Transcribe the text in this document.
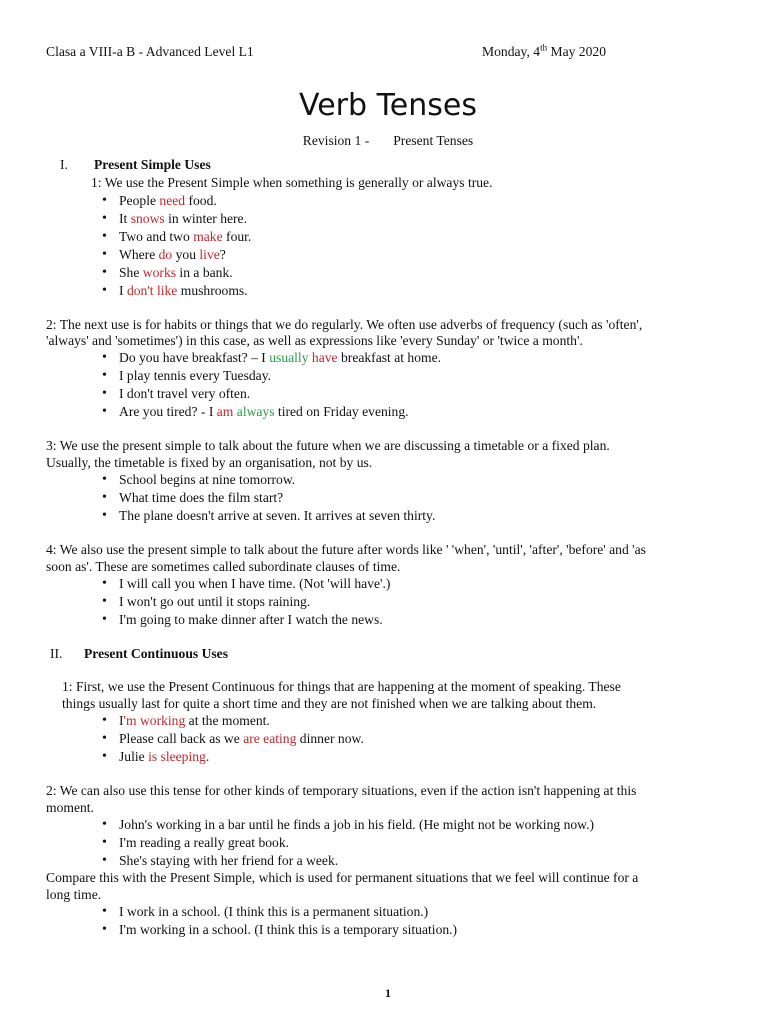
Clasa a VIII-a B - Advanced Level L1	Monday, 4th May 2020
Verb Tenses
Revision 1 - Present Tenses
I. Present Simple Uses
1: We use the Present Simple when something is generally or always true.
• People need food.
• It snows in winter here.
• Two and two make four.
• Where do you live?
• She works in a bank.
• I don't like mushrooms.
2: The next use is for habits or things that we do regularly. We often use adverbs of frequency (such as 'often',
'always' and 'sometimes') in this case, as well as expressions like 'every Sunday' or 'twice a month'.
• Do you have breakfast? – I usually have breakfast at home.
• I play tennis every Tuesday.
• I don't travel very often.
• Are you tired? - I am always tired on Friday evening.
3: We use the present simple to talk about the future when we are discussing a timetable or a fixed plan.
Usually, the timetable is fixed by an organisation, not by us.
• School begins at nine tomorrow.
• What time does the film start?
• The plane doesn't arrive at seven. It arrives at seven thirty.
4: We also use the present simple to talk about the future after words like ' 'when', 'until', 'after', 'before' and 'as
soon as'. These are sometimes called subordinate clauses of time.
• I will call you when I have time. (Not 'will have'.)
• I won't go out until it stops raining.
• I'm going to make dinner after I watch the news.
II. Present Continuous Uses
1: First, we use the Present Continuous for things that are happening at the moment of speaking. These
things usually last for quite a short time and they are not finished when we are talking about them.
• I'm working at the moment.
• Please call back as we are eating dinner now.
• Julie is sleeping.
2: We can also use this tense for other kinds of temporary situations, even if the action isn't happening at this
moment.
• John's working in a bar until he finds a job in his field. (He might not be working now.)
• I'm reading a really great book.
• She's staying with her friend for a week.
Compare this with the Present Simple, which is used for permanent situations that we feel will continue for a
long time.
• I work in a school. (I think this is a permanent situation.)
• I'm working in a school. (I think this is a temporary situation.)
1
